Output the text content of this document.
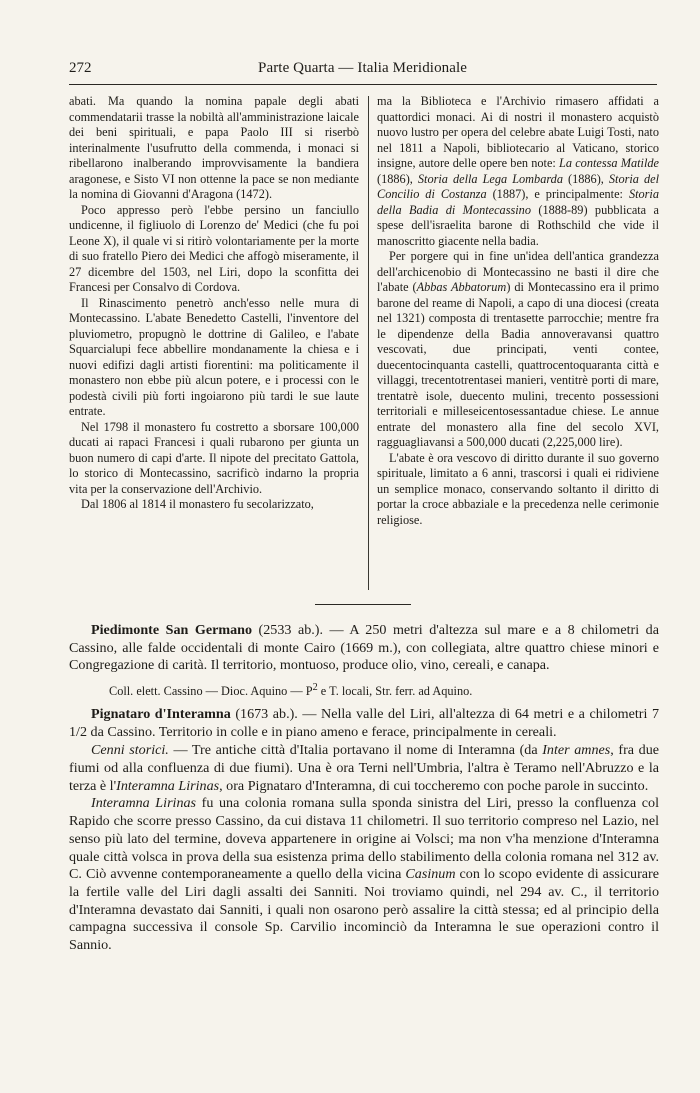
272	Parte Quarta — Italia Meridionale

abati. Ma quando la nomina papale degli abati commendatarii trasse la nobiltà all'amministrazione laicale dei beni spirituali, e papa Paolo III si riserbò interinalmente l'usufrutto della commenda, i monaci si ribellarono inalberando improvvisamente la bandiera aragonese, e Sisto VI non ottenne la pace se non mediante la nomina di Giovanni d'Aragona (1472).

Poco appresso però l'ebbe persino un fanciullo undicenne, il figliuolo di Lorenzo de' Medici (che fu poi Leone X), il quale vi si ritirò volontariamente per la morte di suo fratello Piero dei Medici che affogò miseramente, il 27 dicembre del 1503, nel Liri, dopo la sconfitta dei Francesi per Consalvo di Cordova.

Il Rinascimento penetrò anch'esso nelle mura di Montecassino. L'abate Benedetto Castelli, l'inventore del pluviometro, propugnò le dottrine di Galileo, e l'abate Squarcialupi fece abbellire mondanamente la chiesa e i nuovi edifizi dagli artisti fiorentini: ma politicamente il monastero non ebbe più alcun potere, e i processi con le podestà civili più forti ingoiarono più tardi le sue laute entrate.

Nel 1798 il monastero fu costretto a sborsare 100,000 ducati ai rapaci Francesi i quali rubarono per giunta un buon numero di capi d'arte. Il nipote del precitato Gattola, lo storico di Montecassino, sacrificò indarno la propria vita per la conservazione dell'Archivio.

Dal 1806 al 1814 il monastero fu secolarizzato,

ma la Biblioteca e l'Archivio rimasero affidati a quattordici monaci. Ai di nostri il monastero acquistò nuovo lustro per opera del celebre abate Luigi Tosti, nato nel 1811 a Napoli, bibliotecario al Vaticano, storico insigne, autore delle opere ben note: La contessa Matilde (1886), Storia della Lega Lombarda (1886), Storia del Concilio di Costanza (1887), e principalmente: Storia della Badia di Montecassino (1888-89) pubblicata a spese dell'israelita barone di Rothschild che vide il manoscritto giacente nella badia.

Per porgere qui in fine un'idea dell'antica grandezza dell'archicenobio di Montecassino ne basti il dire che l'abate (Abbas Abbatorum) di Montecassino era il primo barone del reame di Napoli, a capo di una diocesi (creata nel 1321) composta di trentasette parrocchie; mentre fra le dipendenze della Badia annoveravansi quattro vescovati, due principati, venti contee, duecentocinquanta castelli, quattrocentoquaranta città e villaggi, trecentotrentasei manieri, ventitrè porti di mare, trentatrè isole, duecento mulini, trecento possessioni territoriali e milleseicentosessantadue chiese. Le annue entrate del monastero alla fine del secolo XVI, ragguagliavansi a 500,000 ducati (2,225,000 lire).

L'abate è ora vescovo di diritto durante il suo governo spirituale, limitato a 6 anni, trascorsi i quali ei ridiviene un semplice monaco, conservando soltanto il diritto di portar la croce abbaziale e la precedenza nelle cerimonie religiose.

Piedimonte San Germano (2533 ab.). — A 250 metri d'altezza sul mare e a 8 chilometri da Cassino, alle falde occidentali di monte Cairo (1669 m.), con collegiata, altre quattro chiese minori e Congregazione di carità. Il territorio, montuoso, produce olio, vino, cereali, e canapa.

Coll. elett. Cassino — Dioc. Aquino — $P^2$ e T. locali, Str. ferr. ad Aquino.

Pignataro d'Interamna (1673 ab.). — Nella valle del Liri, all'altezza di 64 metri e a chilometri 7 1/2 da Cassino. Territorio in colle e in piano ameno e ferace, principalmente in cereali.

Cenni storici. — Tre antiche città d'Italia portavano il nome di Interamna (da Inter amnes, fra due fiumi od alla confluenza di due fiumi). Una è ora Terni nell'Umbria, l'altra è Teramo nell'Abruzzo e la terza è l'Interamna Lirinas, ora Pignataro d'Interamna, di cui toccheremo con poche parole in succinto.

Interamna Lirinas fu una colonia romana sulla sponda sinistra del Liri, presso la confluenza col Rapido che scorre presso Cassino, da cui distava 11 chilometri. Il suo territorio compreso nel Lazio, nel senso più lato del termine, doveva appartenere in origine ai Volsci; ma non v'ha menzione d'Interamna quale città volsca in prova della sua esistenza prima dello stabilimento della colonia romana nel 312 av. C. Ciò avvenne contemporaneamente a quello della vicina Casinum con lo scopo evidente di assicurare la fertile valle del Liri dagli assalti dei Sanniti. Noi troviamo quindi, nel 294 av. C., il territorio d'Interamna devastato dai Sanniti, i quali non osarono però assalire la città stessa; ed al principio della campagna successiva il console Sp. Carvilio incominciò da Interamna le sue operazioni contro il Sannio.
